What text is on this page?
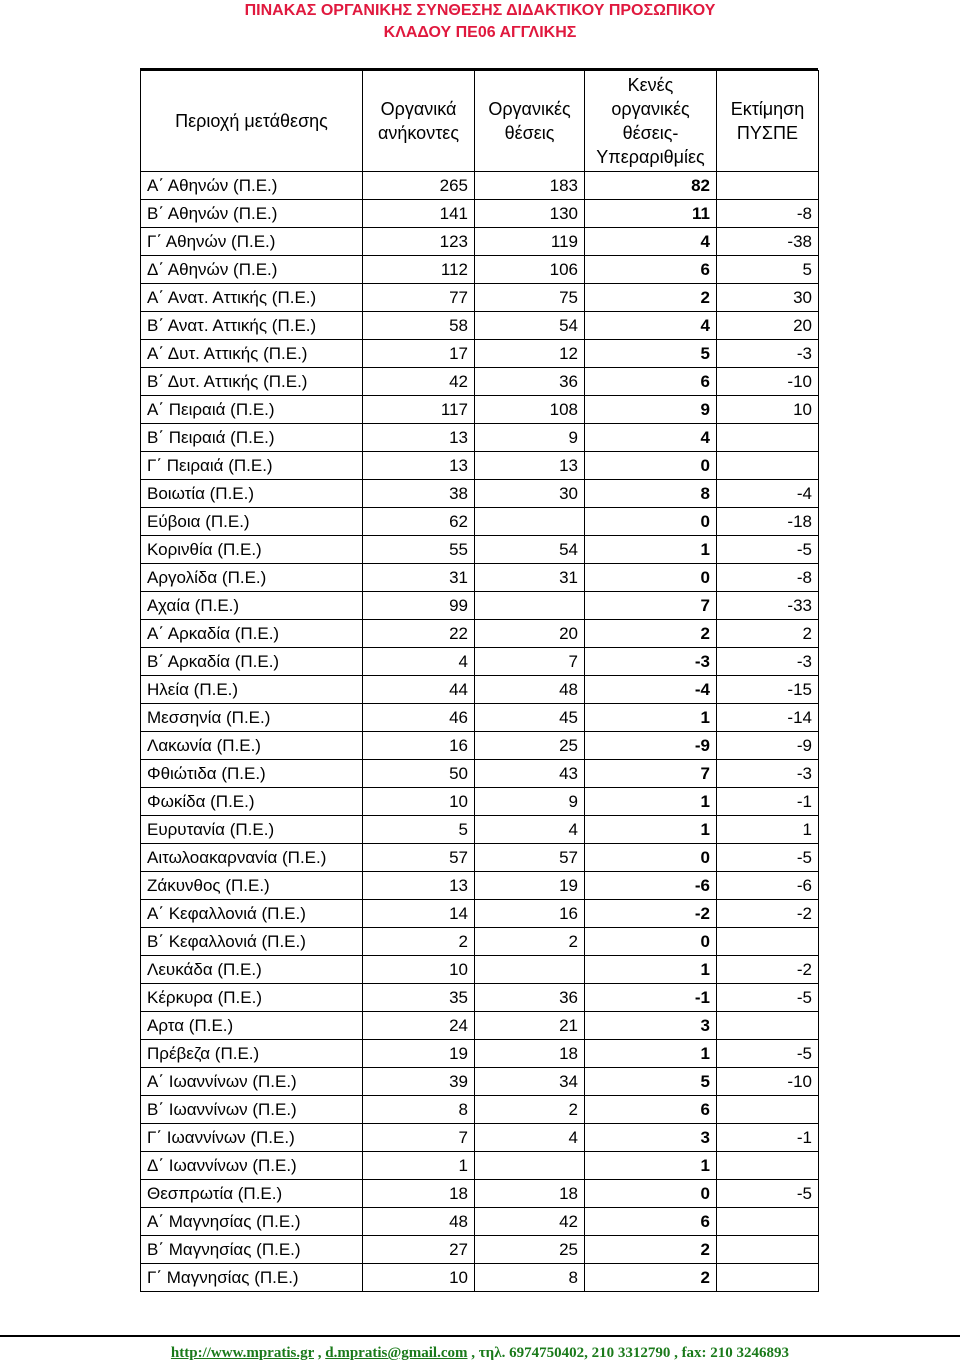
ΠΙΝΑΚΑΣ ΟΡΓΑΝΙΚΗΣ ΣΥΝΘΕΣΗΣ ΔΙΔΑΚΤΙΚΟΥ ΠΡΟΣΩΠΙΚΟΥ
ΚΛΑΔΟΥ ΠΕ06 ΑΓΓΛΙΚΗΣ
Περιοχή μετάθεσης	Οργανικά ανήκοντες	Οργανικές θέσεις	Κενές οργανικές θέσεις-Υπεραριθμίες	Εκτίμηση ΠΥΣΠΕ
Α΄ Αθηνών (Π.Ε.)	265	183	82	
Β΄ Αθηνών (Π.Ε.)	141	130	11	-8
Γ΄ Αθηνών (Π.Ε.)	123	119	4	-38
Δ΄ Αθηνών (Π.Ε.)	112	106	6	5
Α΄ Ανατ. Αττικής (Π.Ε.)	77	75	2	30
Β΄ Ανατ. Αττικής (Π.Ε.)	58	54	4	20
Α΄ Δυτ. Αττικής (Π.Ε.)	17	12	5	-3
Β΄ Δυτ. Αττικής (Π.Ε.)	42	36	6	-10
Α΄ Πειραιά (Π.Ε.)	117	108	9	10
Β΄ Πειραιά (Π.Ε.)	13	9	4	
Γ΄ Πειραιά (Π.Ε.)	13	13	0	
Βοιωτία (Π.Ε.)	38	30	8	-4
Εύβοια (Π.Ε.)	62		0	-18
Κορινθία (Π.Ε.)	55	54	1	-5
Αργολίδα (Π.Ε.)	31	31	0	-8
Αχαία (Π.Ε.)	99		7	-33
Α΄ Αρκαδία (Π.Ε.)	22	20	2	2
Β΄ Αρκαδία (Π.Ε.)	4	7	-3	-3
Ηλεία (Π.Ε.)	44	48	-4	-15
Μεσσηνία (Π.Ε.)	46	45	1	-14
Λακωνία (Π.Ε.)	16	25	-9	-9
Φθιώτιδα (Π.Ε.)	50	43	7	-3
Φωκίδα (Π.Ε.)	10	9	1	-1
Ευρυτανία (Π.Ε.)	5	4	1	1
Αιτωλοακαρνανία (Π.Ε.)	57	57	0	-5
Ζάκυνθος (Π.Ε.)	13	19	-6	-6
Α΄ Κεφαλλονιά (Π.Ε.)	14	16	-2	-2
Β΄ Κεφαλλονιά (Π.Ε.)	2	2	0	
Λευκάδα (Π.Ε.)	10		1	-2
Κέρκυρα (Π.Ε.)	35	36	-1	-5
Αρτα (Π.Ε.)	24	21	3	
Πρέβεζα (Π.Ε.)	19	18	1	-5
Α΄ Ιωαννίνων (Π.Ε.)	39	34	5	-10
Β΄ Ιωαννίνων (Π.Ε.)	8	2	6	
Γ΄ Ιωαννίνων (Π.Ε.)	7	4	3	-1
Δ΄ Ιωαννίνων (Π.Ε.)	1		1	
Θεσπρωτία (Π.Ε.)	18	18	0	-5
Α΄ Μαγνησίας (Π.Ε.)	48	42	6	
Β΄ Μαγνησίας (Π.Ε.)	27	25	2	
Γ΄ Μαγνησίας (Π.Ε.)	10	8	2	
http://www.mpratis.gr , d.mpratis@gmail.com , τηλ. 6974750402, 210 3312790 , fax: 210 3246893
